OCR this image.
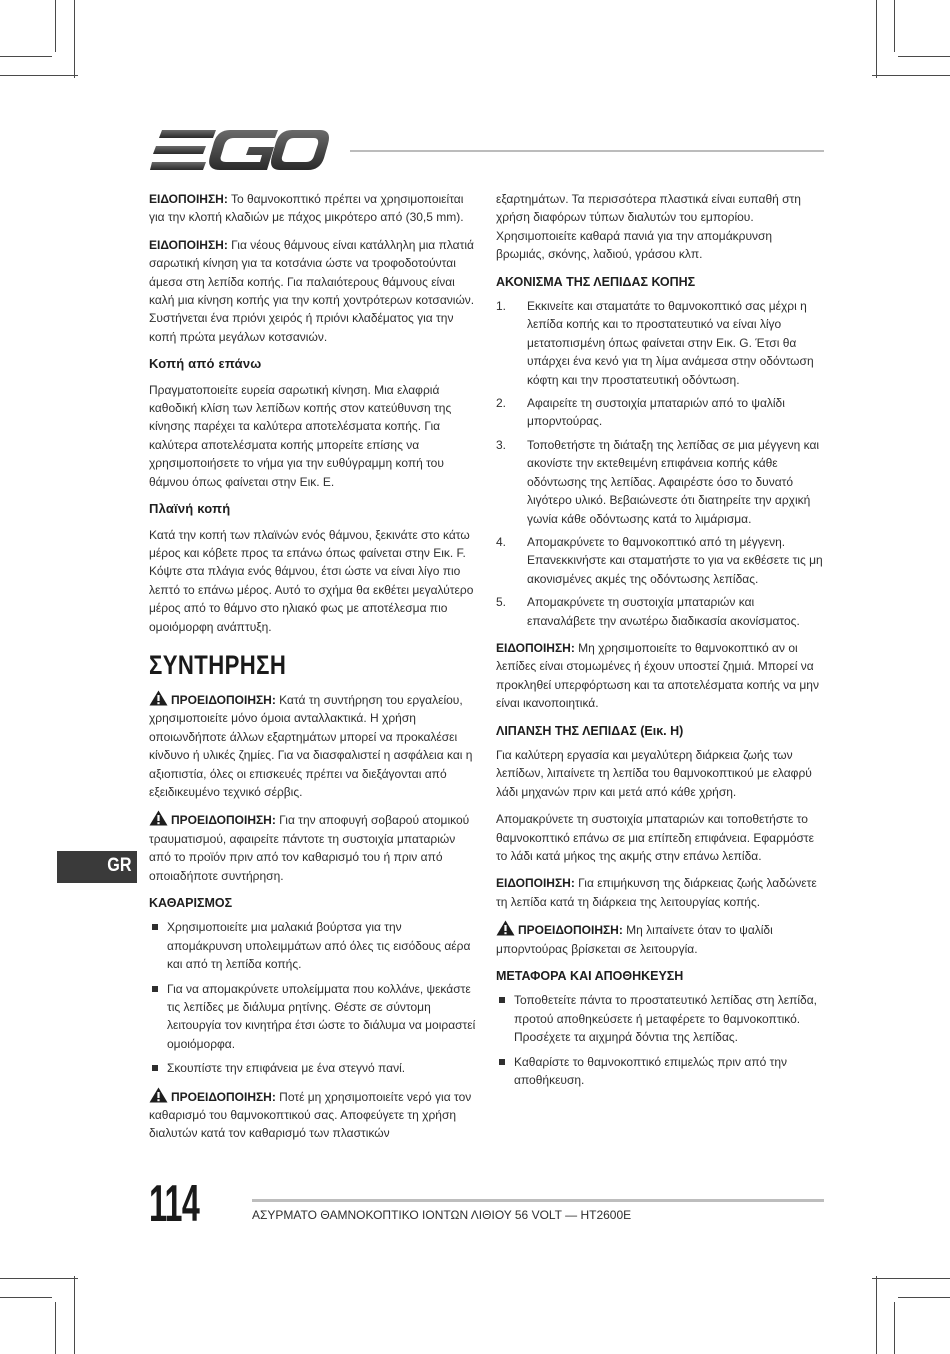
GR

ΕΙΔΟΠΟΙΗΣΗ: Το θαμνοκοπτικό πρέπει να χρησιμοποιείται για την κλοπή κλαδιών με πάχος μικρότερο από (30,5 mm).

ΕΙΔΟΠΟΙΗΣΗ: Για νέους θάμνους είναι κατάλληλη μια πλατιά σαρωτική κίνηση για τα κοτσάνια ώστε να τροφοδοτούνται άμεσα στη λεπίδα κοπής. Για παλαιότερους θάμνους είναι καλή μια κίνηση κοπής για την κοπή χοντρότερων κοτσανιών. Συστήνεται ένα πριόνι χειρός ή πριόνι κλαδέματος για την κοπή πρώτα μεγάλων κοτσανιών.

Κοπή από επάνω

Πραγματοποιείτε ευρεία σαρωτική κίνηση. Μια ελαφριά καθοδική κλίση των λεπίδων κοπής στον κατεύθυνση της κίνησης παρέχει τα καλύτερα αποτελέσματα κοπής. Για καλύτερα αποτελέσματα κοπής μπορείτε επίσης να χρησιμοποιήσετε το νήμα για την ευθύγραμμη κοπή του θάμνου όπως φαίνεται στην Εικ. E.

Πλαϊνή κοπή

Κατά την κοπή των πλαϊνών ενός θάμνου, ξεκινάτε στο κάτω μέρος και κόβετε προς τα επάνω όπως φαίνεται στην Εικ. F. Κόψτε στα πλάγια ενός θάμνου, έτσι ώστε να είναι λίγο πιο λεπτό το επάνω μέρος. Αυτό το σχήμα θα εκθέτει μεγαλύτερο μέρος από το θάμνο στο ηλιακό φως με αποτέλεσμα πιο ομοιόμορφη ανάπτυξη.

ΣΥΝΤΗΡΗΣΗ

ΠΡΟΕΙΔΟΠΟΙΗΣΗ: Κατά τη συντήρηση του εργαλείου, χρησιμοποιείτε μόνο όμοια ανταλλακτικά. Η χρήση οποιωνδήποτε άλλων εξαρτημάτων μπορεί να προκαλέσει κίνδυνο ή υλικές ζημίες. Για να διασφαλιστεί η ασφάλεια και η αξιοπιστία, όλες οι επισκευές πρέπει να διεξάγονται από εξειδικευμένο τεχνικό σέρβις.

ΠΡΟΕΙΔΟΠΟΙΗΣΗ: Για την αποφυγή σοβαρού ατομικού τραυματισμού, αφαιρείτε πάντοτε τη συστοιχία μπαταριών από το προϊόν πριν από τον καθαρισμό του ή πριν από οποιαδήποτε συντήρηση.

ΚΑΘΑΡΙΣΜΟΣ
Χρησιμοποιείτε μια μαλακιά βούρτσα για την απομάκρυνση υπολειμμάτων από όλες τις εισόδους αέρα και από τη λεπίδα κοπής.
Για να απομακρύνετε υπολείμματα που κολλάνε, ψεκάστε τις λεπίδες με διάλυμα ρητίνης. Θέστε σε σύντομη λειτουργία τον κινητήρα έτσι ώστε το διάλυμα να μοιραστεί ομοιόμορφα.
Σκουπίστε την επιφάνεια με ένα στεγνό πανί.

ΠΡΟΕΙΔΟΠΟΙΗΣΗ: Ποτέ μη χρησιμοποιείτε νερό για τον καθαρισμό του θαμνοκοπτικού σας. Αποφεύγετε τη χρήση διαλυτών κατά τον καθαρισμό των πλαστικών

εξαρτημάτων. Τα περισσότερα πλαστικά είναι ευπαθή στη χρήση διαφόρων τύπων διαλυτών του εμπορίου. Χρησιμοποιείτε καθαρά πανιά για την απομάκρυνση βρωμιάς, σκόνης, λαδιού, γράσου κλπ.

ΑΚΟΝΙΣΜΑ ΤΗΣ ΛΕΠΙΔΑΣ ΚΟΠΗΣ
1. Εκκινείτε και σταματάτε το θαμνοκοπτικό σας μέχρι η λεπίδα κοπής και το προστατευτικό να είναι λίγο μετατοπισμένη όπως φαίνεται στην Εικ. G. Έτσι θα υπάρχει ένα κενό για τη λίμα ανάμεσα στην οδόντωση κόφτη και την προστατευτική οδόντωση.
2. Αφαιρείτε τη συστοιχία μπαταριών από το ψαλίδι μπορντούρας.
3. Τοποθετήστε τη διάταξη της λεπίδας σε μια μέγγενη και ακονίστε την εκτεθειμένη επιφάνεια κοπής κάθε οδόντωσης της λεπίδας. Αφαιρέστε όσο το δυνατό λιγότερο υλικό. Βεβαιώνεστε ότι διατηρείτε την αρχική γωνία κάθε οδόντωσης κατά το λιμάρισμα.
4. Απομακρύνετε το θαμνοκοπτικό από τη μέγγενη. Επανεκκινήστε και σταματήστε το για να εκθέσετε τις μη ακονισμένες ακμές της οδόντωσης λεπίδας.
5. Απομακρύνετε τη συστοιχία μπαταριών και επαναλάβετε την ανωτέρω διαδικασία ακονίσματος.

ΕΙΔΟΠΟΙΗΣΗ: Μη χρησιμοποιείτε το θαμνοκοπτικό αν οι λεπίδες είναι στομωμένες ή έχουν υποστεί ζημιά. Μπορεί να προκληθεί υπερφόρτωση και τα αποτελέσματα κοπής να μην είναι ικανοποιητικά.

ΛΙΠΑΝΣΗ ΤΗΣ ΛΕΠΙΔΑΣ (Εικ. H)

Για καλύτερη εργασία και μεγαλύτερη διάρκεια ζωής των λεπίδων, λιπαίνετε τη λεπίδα του θαμνοκοπτικού με ελαφρύ λάδι μηχανών πριν και μετά από κάθε χρήση.

Απομακρύνετε τη συστοιχία μπαταριών και τοποθετήστε το θαμνοκοπτικό επάνω σε μια επίπεδη επιφάνεια. Εφαρμόστε το λάδι κατά μήκος της ακμής στην επάνω λεπίδα.

ΕΙΔΟΠΟΙΗΣΗ: Για επιμήκυνση της διάρκειας ζωής λαδώνετε τη λεπίδα κατά τη διάρκεια της λειτουργίας κοπής.

ΠΡΟΕΙΔΟΠΟΙΗΣΗ: Μη λιπαίνετε όταν το ψαλίδι μπορντούρας βρίσκεται σε λειτουργία.

ΜΕΤΑΦΟΡΑ ΚΑΙ ΑΠΟΘΗΚΕΥΣΗ
Τοποθετείτε πάντα το προστατευτικό λεπίδας στη λεπίδα, προτού αποθηκεύσετε ή μεταφέρετε το θαμνοκοπτικό. Προσέχετε τα αιχμηρά δόντια της λεπίδας.
Καθαρίστε το θαμνοκοπτικό επιμελώς πριν από την αποθήκευση.
114	ΑΣΥΡΜΑΤΟ ΘΑΜΝΟΚΟΠΤΙΚΟ ΙΟΝΤΩΝ ΛΙΘΙΟΥ 56 VOLT — HT2600E
